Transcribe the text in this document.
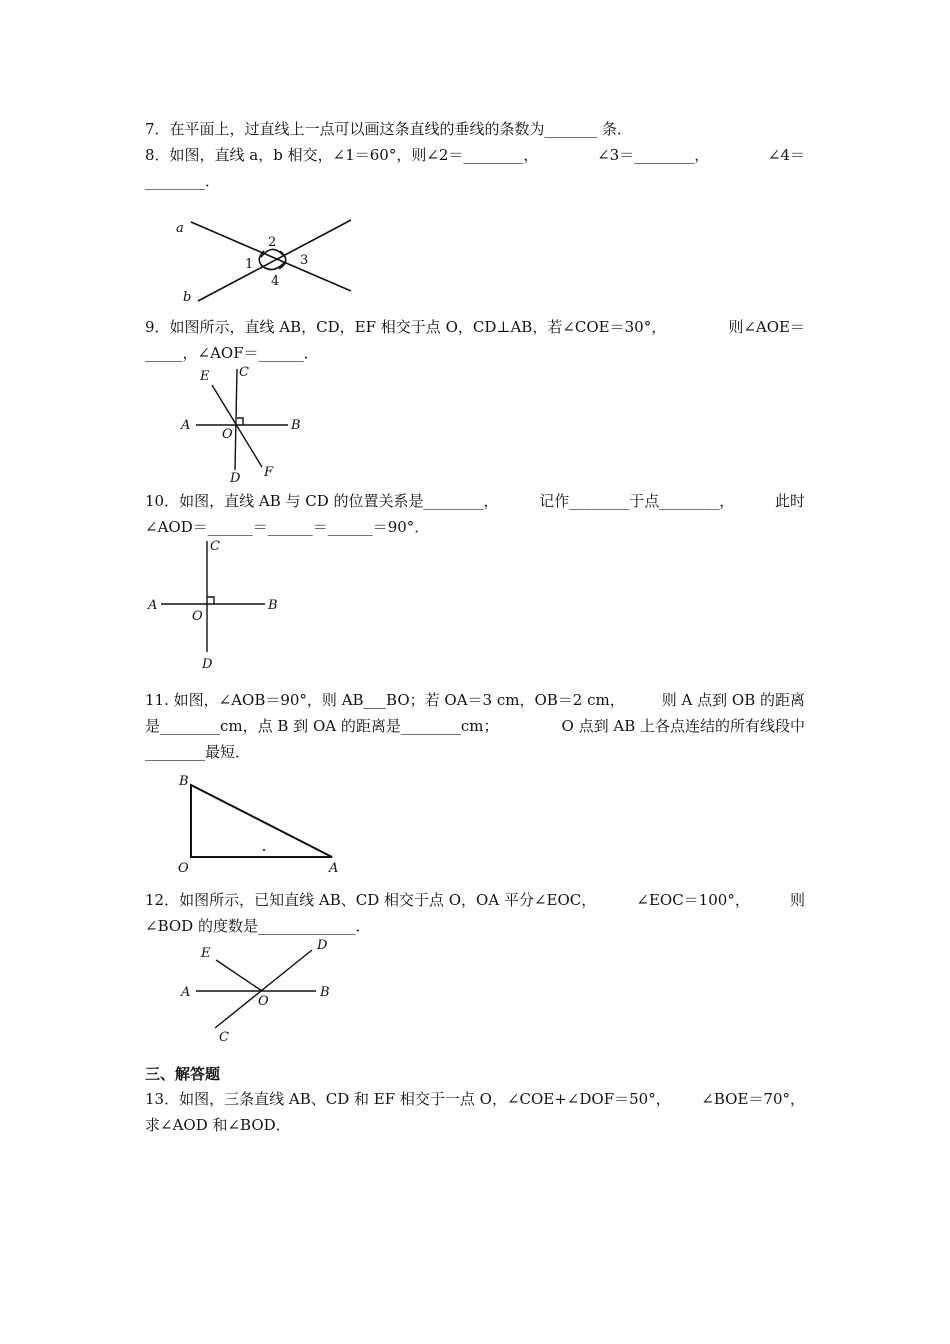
7．在平面上，过直线上一点可以画这条直线的垂线的条数为_______ 条．
8．如图，直线 a，b 相交，∠1＝60°，则∠2＝________，	∠3＝________，	∠4＝
________．
a
b
2
1	3
4
9．如图所示，直线 AB，CD，EF 相交于点 O，CD⊥AB，若∠COE＝30°，	则∠AOE＝
_____，∠AOF＝______．
E C
A
O
B
D F
10．如图，直线 AB 与 CD 的位置关系是________，	记作________于点________，	此时
∠AOD＝______＝______＝______＝90°．
C
A
O
B
D
11. 如图，∠AOB＝90°，则 AB___BO；若 OA＝3 cm，OB＝2 cm， 则 A 点到 OB 的距离
是________cm，点 B 到 OA 的距离是________cm；	O 点到 AB 上各点连结的所有线段中
________最短．
B
O	A
12．如图所示，已知直线 AB、CD 相交于点 O，OA 平分∠EOC，	∠EOC＝100°，	则
∠BOD 的度数是_____________．
E
D
A
O
B
C
三、解答题
13．如图，三条直线 AB、CD 和 EF 相交于一点 O，∠COE+∠DOF＝50°， ∠BOE＝70°，
求∠AOD 和∠BOD．
